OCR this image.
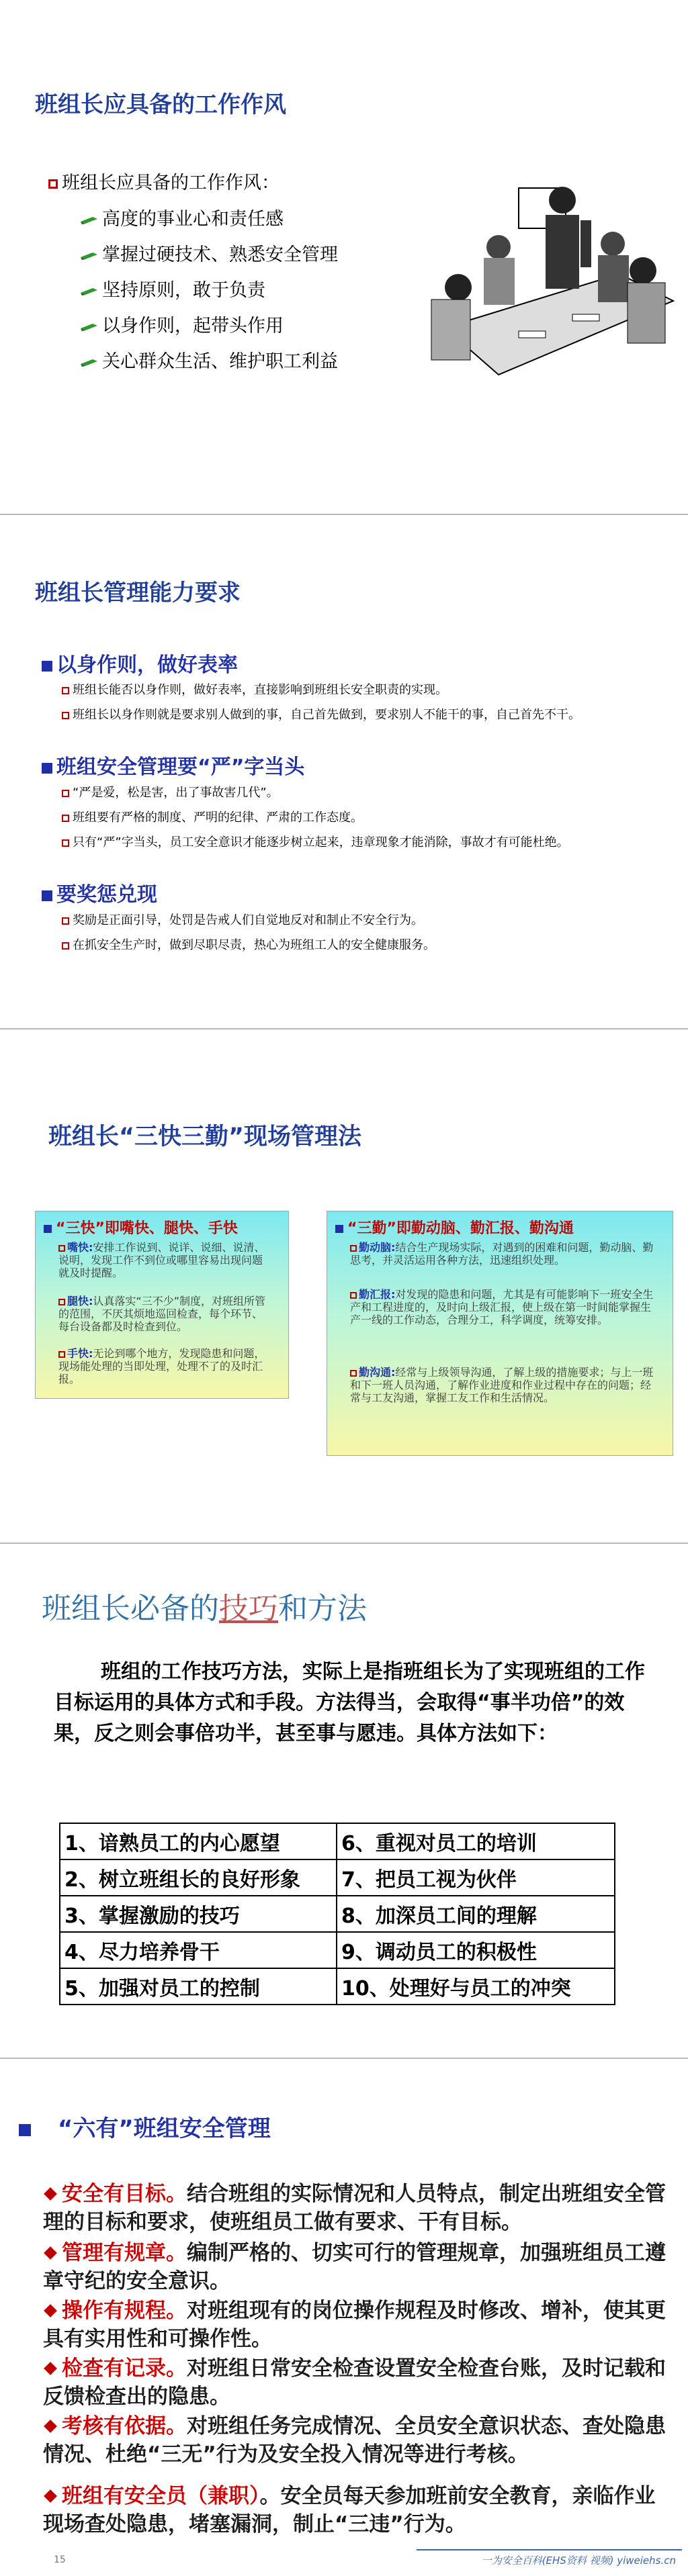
班组长应具备的工作作风
班组长应具备的工作作风：
高度的事业心和责任感
掌握过硬技术、熟悉安全管理
坚持原则，敢于负责
以身作则，起带头作用
关心群众生活、维护职工利益
班组长管理能力要求
以身作则，做好表率
班组长能否以身作则，做好表率，直接影响到班组长安全职责的实现。
班组长以身作则就是要求别人做到的事，自己首先做到，要求别人不能干的事，自己首先不干。
班组安全管理要“严”字当头
“严是爱，松是害，出了事故害几代”。
班组要有严格的制度、严明的纪律、严肃的工作态度。
只有“严”字当头，员工安全意识才能逐步树立起来，违章现象才能消除，事故才有可能杜绝。
要奖惩兑现
奖励是正面引导，处罚是告戒人们自觉地反对和制止不安全行为。
在抓安全生产时，做到尽职尽责，热心为班组工人的安全健康服务。
班组长“三快三勤”现场管理法
“三快”即嘴快、腿快、手快
嘴快:安排工作说到、说详、说细、说清、说明，发现工作不到位或哪里容易出现问题就及时提醒。
腿快:认真落实“三不少”制度，对班组所管的范围，不厌其烦地巡回检查，每个环节、每台设备都及时检查到位。
手快:无论到哪个地方，发现隐患和问题，现场能处理的当即处理，处理不了的及时汇报。
“三勤”即勤动脑、勤汇报、勤沟通
勤动脑:结合生产现场实际，对遇到的困难和问题，勤动脑、勤思考，并灵活运用各种方法，迅速组织处理。
勤汇报:对发现的隐患和问题，尤其是有可能影响下一班安全生产和工程进度的，及时向上级汇报，使上级在第一时间能掌握生产一线的工作动态，合理分工，科学调度，统筹安排。
勤沟通:经常与上级领导沟通，了解上级的措施要求；与上一班和下一班人员沟通，了解作业进度和作业过程中存在的问题；经常与工友沟通，掌握工友工作和生活情况。
班组长必备的技巧和方法
班组的工作技巧方法，实际上是指班组长为了实现班组的工作目标运用的具体方式和手段。方法得当，会取得“事半功倍”的效果，反之则会事倍功半，甚至事与愿违。具体方法如下：
1、谙熟员工的内心愿望	6、重视对员工的培训
2、树立班组长的良好形象	7、把员工视为伙伴
3、掌握激励的技巧	8、加深员工间的理解
4、尽力培养骨干	9、调动员工的积极性
5、加强对员工的控制	10、处理好与员工的冲突
“六有”班组安全管理
安全有目标。结合班组的实际情况和人员特点，制定出班组安全管理的目标和要求，使班组员工做有要求、干有目标。
管理有规章。编制严格的、切实可行的管理规章，加强班组员工遵章守纪的安全意识。
操作有规程。对班组现有的岗位操作规程及时修改、增补，使其更具有实用性和可操作性。
检查有记录。对班组日常安全检查设置安全检查台账，及时记载和反馈检查出的隐患。
考核有依据。对班组任务完成情况、全员安全意识状态、查处隐患情况、杜绝“三无”行为及安全投入情况等进行考核。
班组有安全员（兼职）。安全员每天参加班前安全教育，亲临作业现场查处隐患，堵塞漏洞，制止“三违”行为。
15	一为安全百科(EHS资料 视频) yiweiehs.cn
